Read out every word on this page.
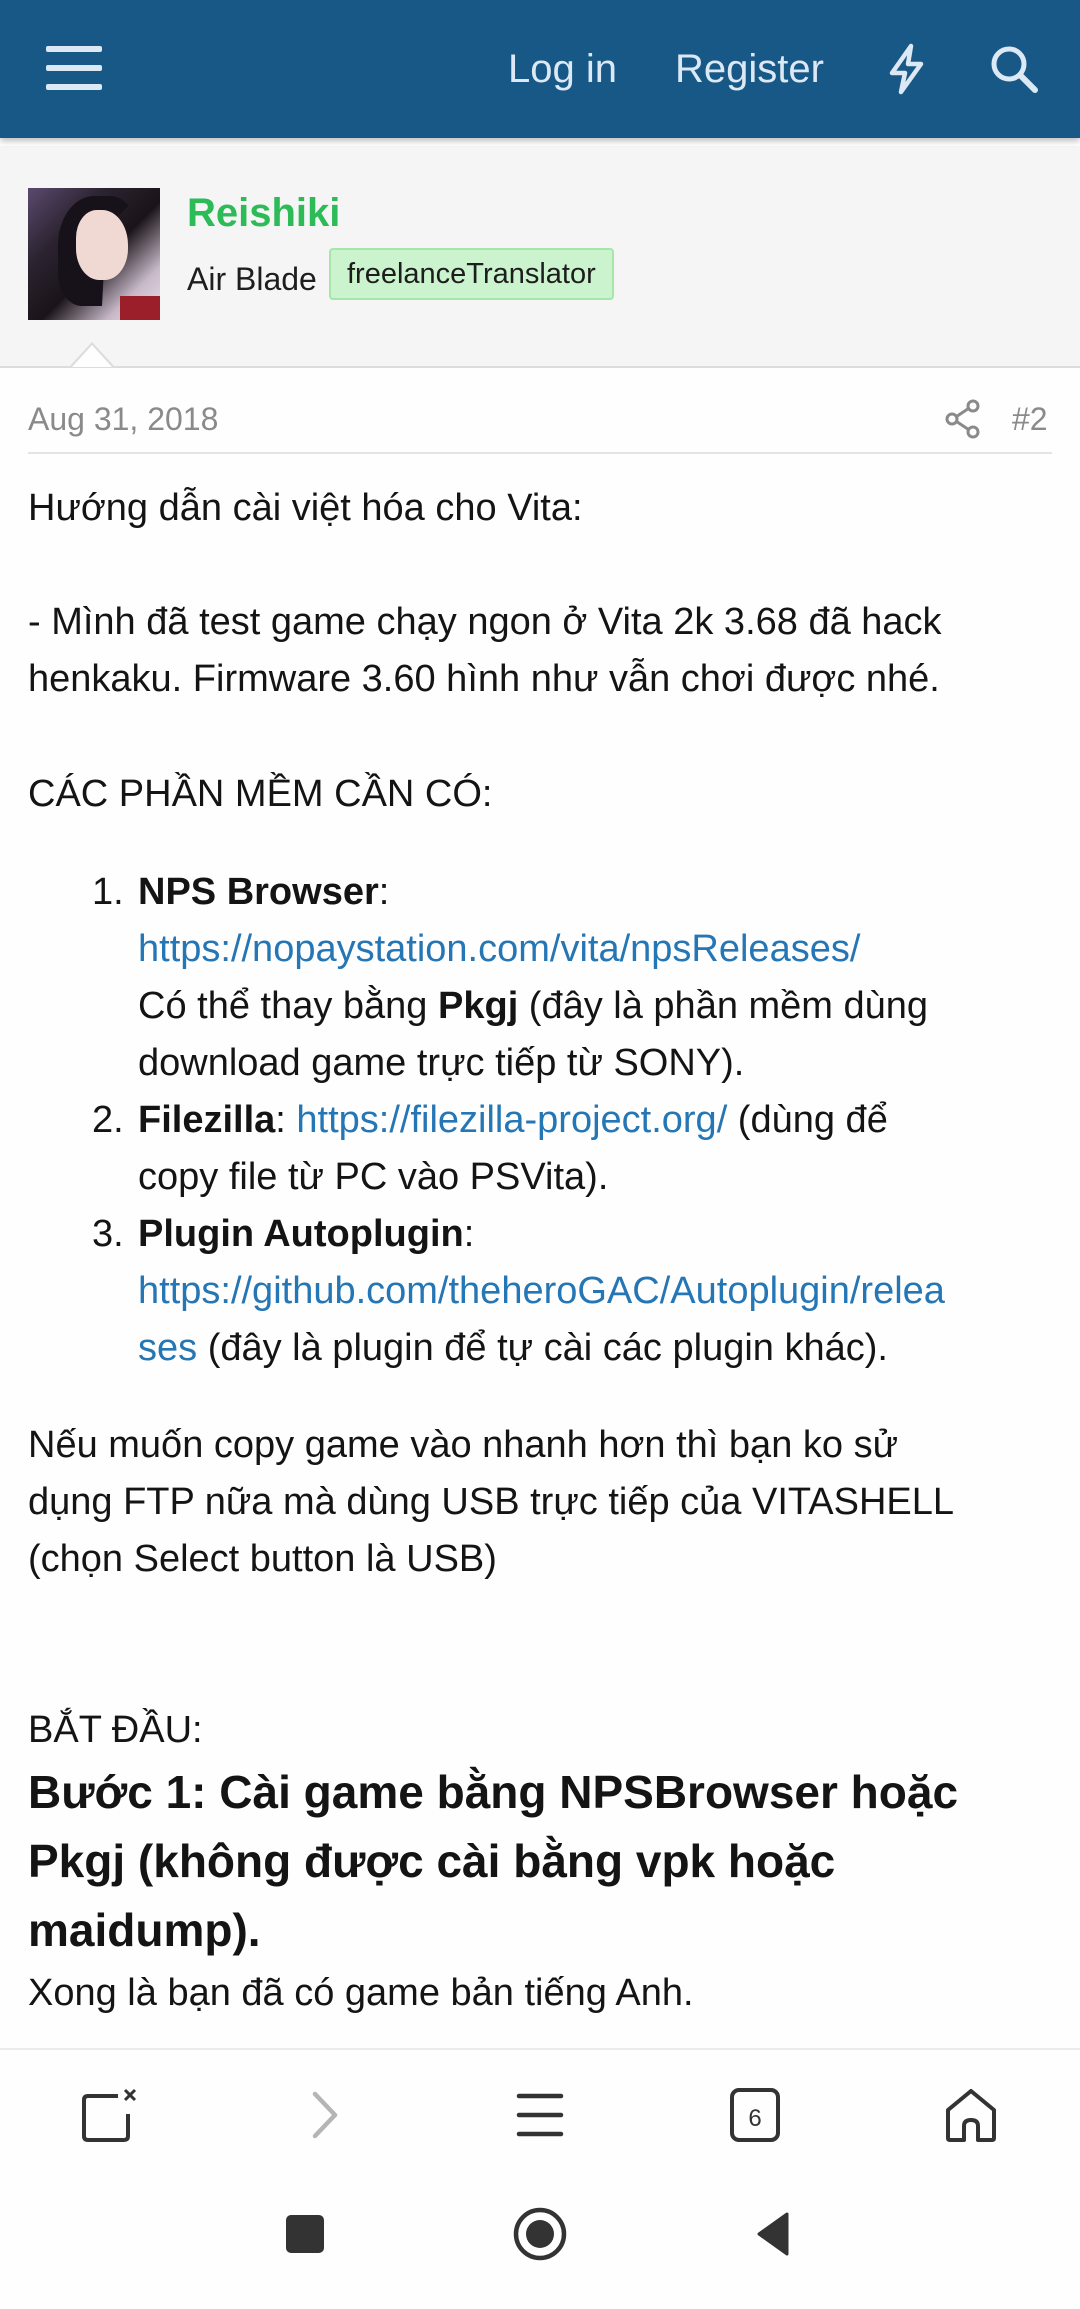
Log in Register
Reishiki
Air Blade	freelanceTranslator
Aug 31, 2018	#2
Hướng dẫn cài việt hóa cho Vita:
- Mình đã test game chạy ngon ở Vita 2k 3.68 đã hack
henkaku. Firmware 3.60 hình như vẫn chơi được nhé.
CÁC PHẦN MỀM CẦN CÓ:
1. NPS Browser:
https://nopaystation.com/vita/npsReleases/
Có thể thay bằng Pkgj (đây là phần mềm dùng
download game trực tiếp từ SONY).
2. Filezilla: https://filezilla-project.org/ (dùng để
copy file từ PC vào PSVita).
3. Plugin Autoplugin:
https://github.com/theheroGAC/Autoplugin/relea
ses (đây là plugin để tự cài các plugin khác).
Nếu muốn copy game vào nhanh hơn thì bạn ko sử
dụng FTP nữa mà dùng USB trực tiếp của VITASHELL
(chọn Select button là USB)
BẮT ĐẦU:
Bước 1: Cài game bằng NPSBrowser hoặc
Pkgj (không được cài bằng vpk hoặc
maidump).
Xong là bạn đã có game bản tiếng Anh.
6
